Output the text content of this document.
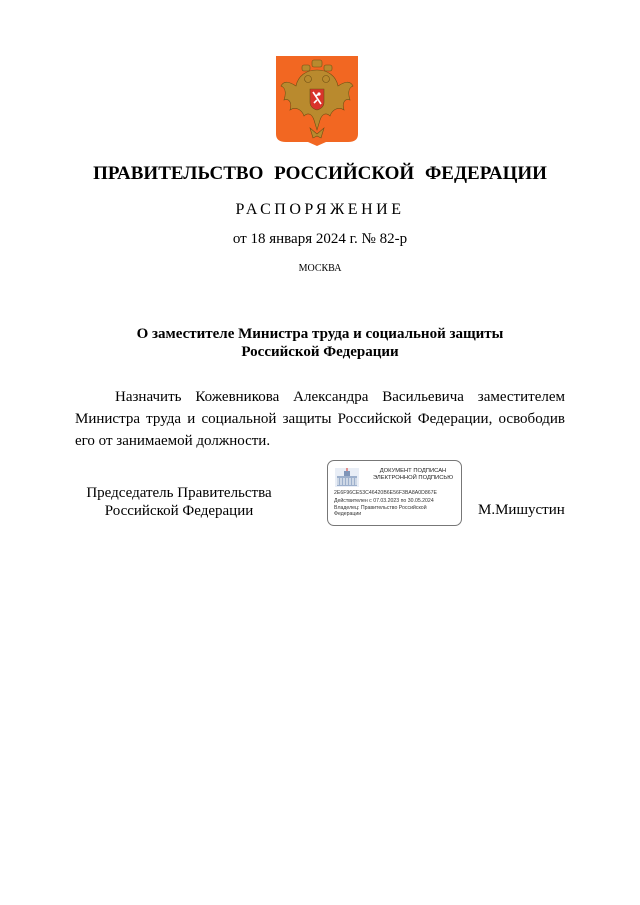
ПРАВИТЕЛЬСТВО РОССИЙСКОЙ ФЕДЕРАЦИИ
РАСПОРЯЖЕНИЕ
от 18 января 2024 г. № 82-р
МОСКВА
О заместителе Министра труда и социальной защиты
Российской Федерации
Назначить Кожевникова Александра Васильевича заместителем Министра труда и социальной защиты Российской Федерации, освободив его от занимаемой должности.
Председатель Правительства
Российской Федерации
ДОКУМЕНТ ПОДПИСАН
ЭЛЕКТРОННОЙ ПОДПИСЬЮ
2E6F96CE53C46420B6E56F3BA8A0D867E
Действителен с 07.03.2023 по 30.05.2024
Владелец: Правительство Российской Федерации	М.Мишустин
